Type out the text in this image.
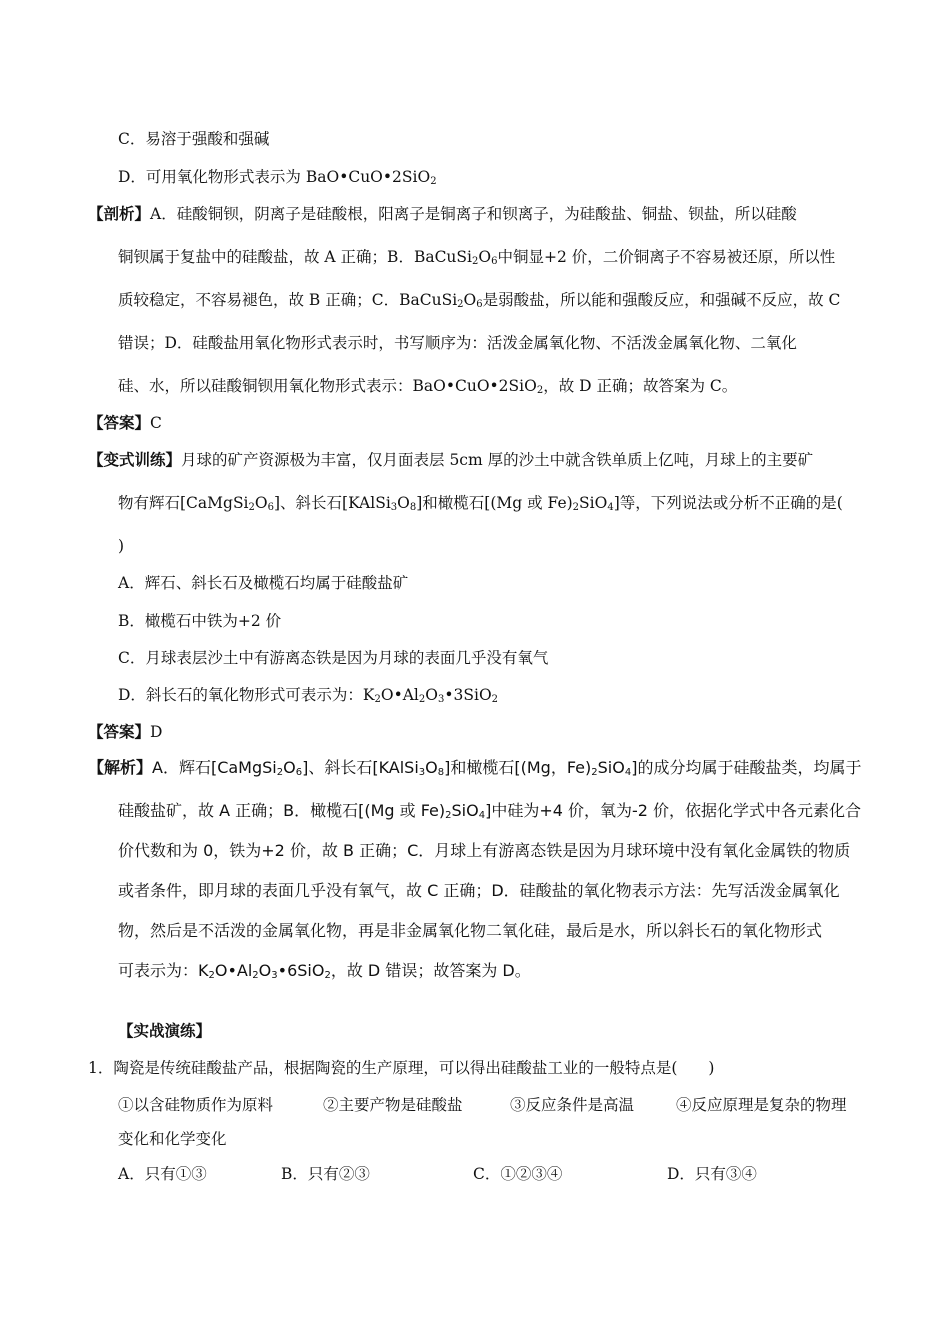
C．易溶于强酸和强碱
D．可用氧化物形式表示为 BaO•CuO•2SiO$_2$
【剖析】A．硅酸铜钡，阴离子是硅酸根，阳离子是铜离子和钡离子，为硅酸盐、铜盐、钡盐，所以硅酸
铜钡属于复盐中的硅酸盐，故 A 正确；B．$BaCuSi_2O_6$中铜显+2 价，二价铜离子不容易被还原，所以性
质较稳定，不容易褪色，故 B 正确；C．$BaCuSi_2O_6$是弱酸盐，所以能和强酸反应，和强碱不反应，故 C
错误；D．硅酸盐用氧化物形式表示时，书写顺序为：活泼金属氧化物、不活泼金属氧化物、二氧化
硅、水，所以硅酸铜钡用氧化物形式表示：BaO•CuO•2SiO$_2$，故 D 正确；故答案为 C。
【答案】C
【变式训练】月球的矿产资源极为丰富，仅月面表层 5cm 厚的沙土中就含铁单质上亿吨，月球上的主要矿
物有辉石$[CaMgSi_2O_6]$、斜长石$[KAlSi_3O_8]$和橄榄石[(Mg 或 $Fe)_2SiO_4$]等，下列说法或分析不正确的是(
)
A．辉石、斜长石及橄榄石均属于硅酸盐矿
B．橄榄石中铁为+2 价
C．月球表层沙土中有游离态铁是因为月球的表面几乎没有氧气
D．斜长石的氧化物形式可表示为：$K_2O•Al_2O_3•3SiO_2$
【答案】D
【解析】A．辉石$[CaMgSi_2O_6]$、斜长石$[KAlSi_3O_8]$和橄榄石[(Mg，$Fe)_2SiO_4$]的成分均属于硅酸盐类，均属于
硅酸盐矿，故 A 正确；B．橄榄石[(Mg 或 $Fe)_2SiO_4$]中硅为+4 价，氧为-2 价，依据化学式中各元素化合
价代数和为 0，铁为+2 价，故 B 正确；C．月球上有游离态铁是因为月球环境中没有氧化金属铁的物质
或者条件，即月球的表面几乎没有氧气，故 C 正确；D．硅酸盐的氧化物表示方法：先写活泼金属氧化
物，然后是不活泼的金属氧化物，再是非金属氧化物二氧化硅，最后是水，所以斜长石的氧化物形式
可表示为：$K_2O•Al_2O_3•6SiO_2$，故 D 错误；故答案为 D。
【实战演练】
1．陶瓷是传统硅酸盐产品，根据陶瓷的生产原理，可以得出硅酸盐工业的一般特点是(　　)
①以含硅物质作为原料	②主要产物是硅酸盐	③反应条件是高温	④反应原理是复杂的物理
变化和化学变化
A．只有①③	B．只有②③	C．①②③④	D．只有③④
